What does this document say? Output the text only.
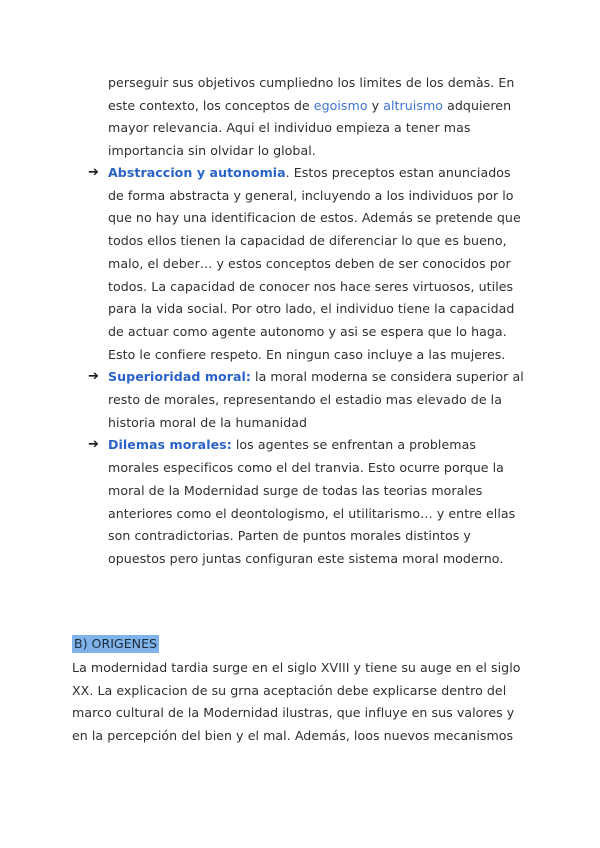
perseguir sus objetivos cumpliedno los limites de los demàs. En este contexto, los conceptos de egoismo y altruismo adquieren mayor relevancia. Aqui el individuo empieza a tener mas importancia sin olvidar lo global.

➔ Abstraccion y autonomia. Estos preceptos estan anunciados de forma abstracta y general, incluyendo a los individuos por lo que no hay una identificacion de estos. Además se pretende que todos ellos tienen la capacidad de diferenciar lo que es bueno, malo, el deber… y estos conceptos deben de ser conocidos por todos. La capacidad de conocer nos hace seres virtuosos, utiles para la vida social. Por otro lado, el individuo tiene la capacidad de actuar como agente autonomo y asi se espera que lo haga. Esto le confiere respeto. En ningun caso incluye a las mujeres.
➔ Superioridad moral: la moral moderna se considera superior al resto de morales, representando el estadio mas elevado de la historia moral de la humanidad
➔ Dilemas morales: los agentes se enfrentan a problemas morales especificos como el del tranvia. Esto ocurre porque la moral de la Modernidad surge de todas las teorias morales anteriores como el deontologismo, el utilitarismo… y entre ellas son contradictorias. Parten de puntos morales distintos y opuestos pero juntas configuran este sistema moral moderno.
B) ORIGENES

La modernidad tardia surge en el siglo XVIII y tiene su auge en el siglo XX. La explicacion de su grna aceptación debe explicarse dentro del marco cultural de la Modernidad ilustras, que influye en sus valores y en la percepción del bien y el mal. Además, loos nuevos mecanismos
